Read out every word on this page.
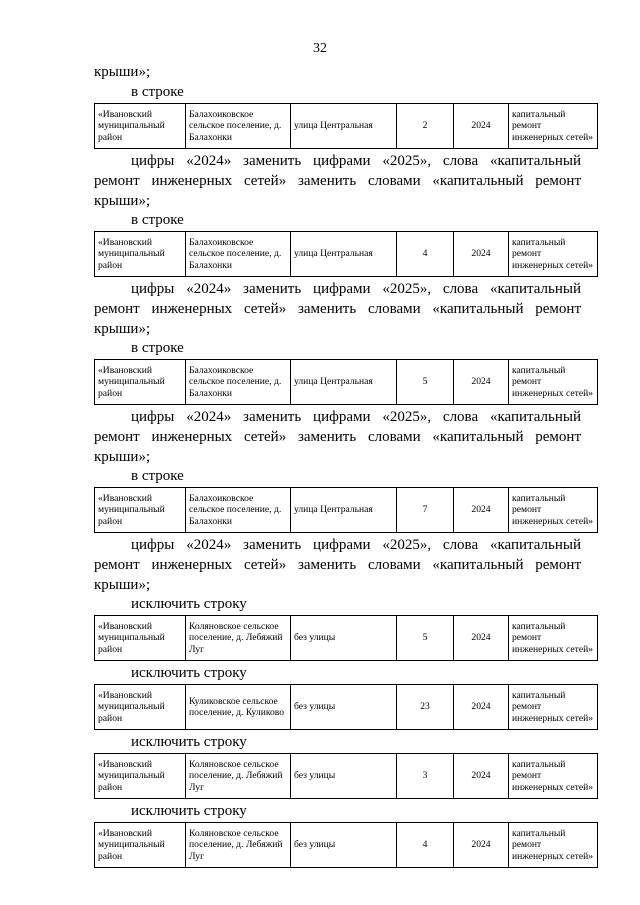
32

крыши»;

в строке

«Ивановский муниципальный район	Балахоиковское сельское поселение, д. Балахонки	улица Центральная	2	2024	капитальный ремонт инженерных сетей»

цифры «2024» заменить цифрами «2025», слова «капитальный ремонт инженерных сетей» заменить словами «капитальный ремонт крыши»;

в строке

«Ивановский муниципальный район	Балахоиковское сельское поселение, д. Балахонки	улица Центральная	4	2024	капитальный ремонт инженерных сетей»

цифры «2024» заменить цифрами «2025», слова «капитальный ремонт инженерных сетей» заменить словами «капитальный ремонт крыши»;

в строке

«Ивановский муниципальный район	Балахоиковское сельское поселение, д. Балахонки	улица Центральная	5	2024	капитальный ремонт инженерных сетей»

цифры «2024» заменить цифрами «2025», слова «капитальный ремонт инженерных сетей» заменить словами «капитальный ремонт крыши»;

в строке

«Ивановский муниципальный район	Балахоиковское сельское поселение, д. Балахонки	улица Центральная	7	2024	капитальный ремонт инженерных сетей»

цифры «2024» заменить цифрами «2025», слова «капитальный ремонт инженерных сетей» заменить словами «капитальный ремонт крыши»;

исключить строку

«Ивановский муниципальный район	Коляновское сельское поселение, д. Лебяжий Луг	без улицы	5	2024	капитальный ремонт инженерных сетей»

исключить строку

«Ивановский муниципальный район	Куликовское сельское поселение, д. Куликово	без улицы	23	2024	капитальный ремонт инженерных сетей»

исключить строку

«Ивановский муниципальный район	Коляновское сельское поселение, д. Лебяжий Луг	без улицы	3	2024	капитальный ремонт инженерных сетей»

исключить строку

«Ивановский муниципальный район	Коляновское сельское поселение, д. Лебяжий Луг	без улицы	4	2024	капитальный ремонт инженерных сетей»
